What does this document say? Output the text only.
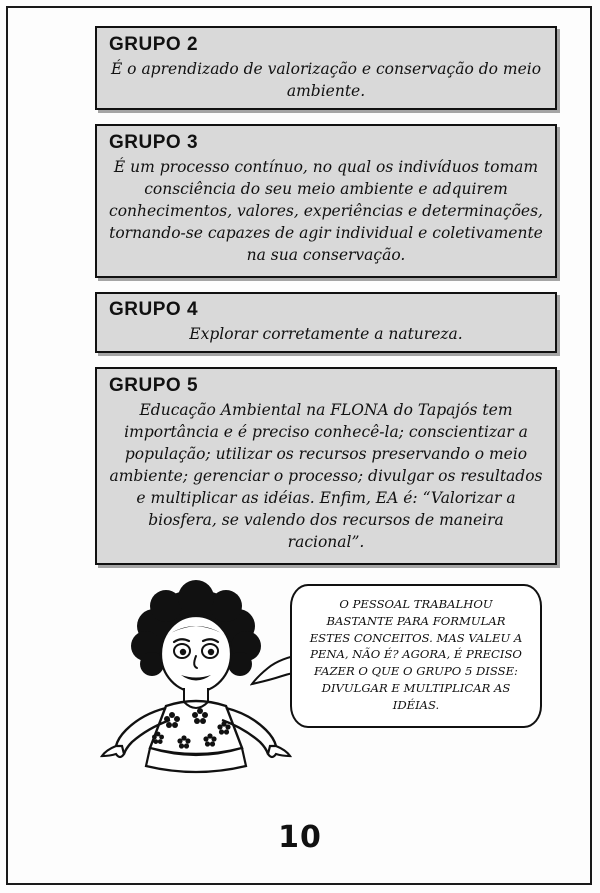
GRUPO 2

É o aprendizado de valorização e conservação do meio ambiente.

GRUPO 3

É um processo contínuo, no qual os indivíduos tomam consciência do seu meio ambiente e adquirem conhecimentos, valores, experiências e determinações, tornando-se capazes de agir individual e coletivamente na sua conservação.

GRUPO 4

Explorar corretamente a natureza.

GRUPO 5

Educação Ambiental na FLONA do Tapajós tem importância e é preciso conhecê-la; conscientizar a população; utilizar os recursos preservando o meio ambiente; gerenciar o processo; divulgar os resultados e multiplicar as idéias. Enfim, EA é: “Valorizar a biosfera, se valendo dos recursos de maneira racional”.

O PESSOAL TRABALHOU BASTANTE PARA FORMULAR ESTES CONCEITOS. MAS VALEU A PENA, NÃO É? AGORA, É PRECISO FAZER O QUE O GRUPO 5 DISSE: DIVULGAR E MULTIPLICAR AS IDÉIAS.

10
